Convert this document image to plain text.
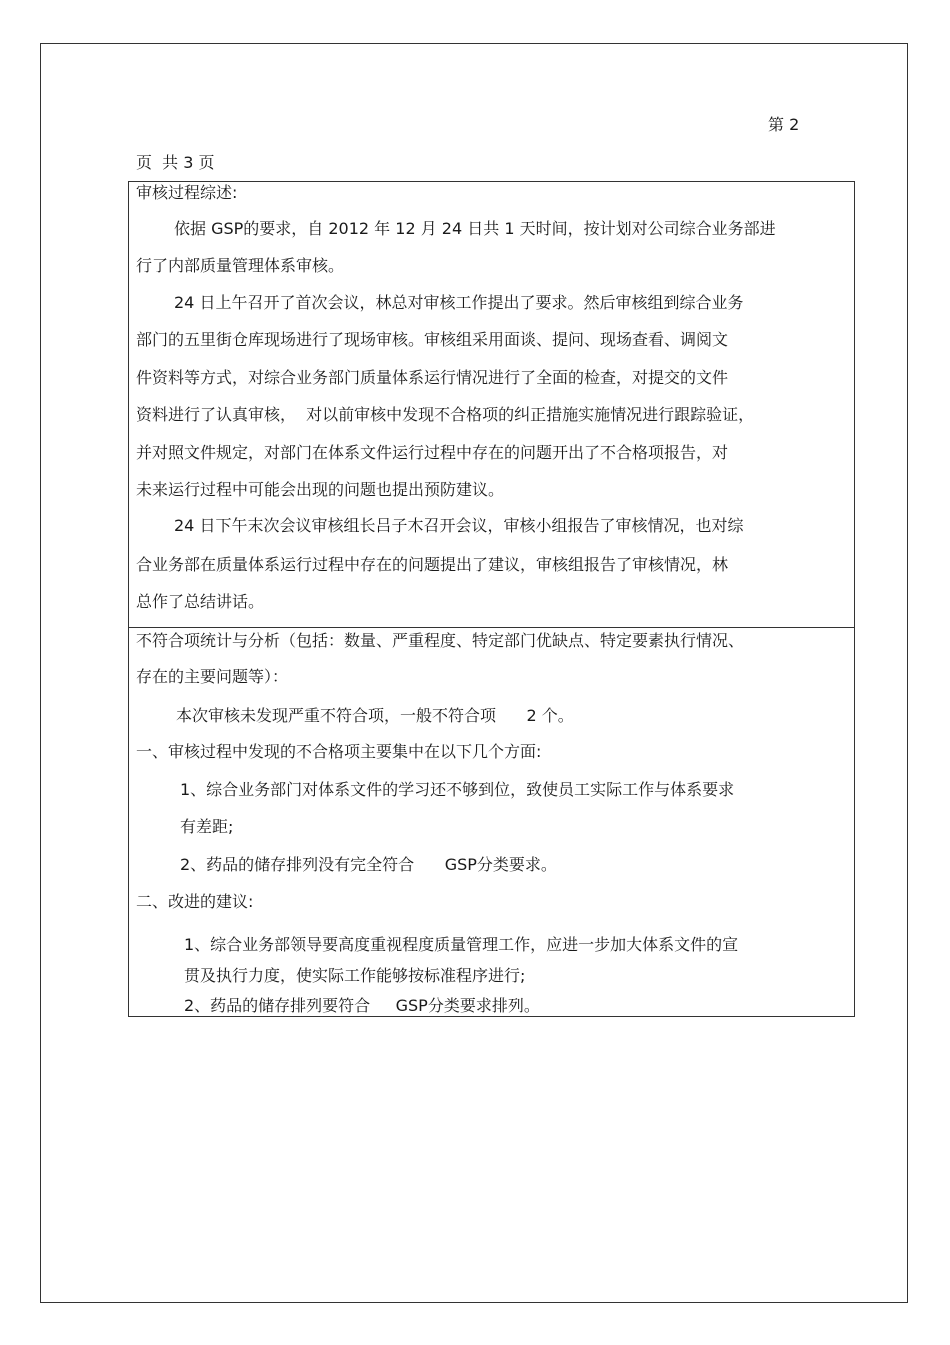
第 2
页  共 3 页
审核过程综述:
依据 GSP的要求，自 2012 年 12 月 24 日共 1 天时间，按计划对公司综合业务部进
行了内部质量管理体系审核。
24 日上午召开了首次会议，林总对审核工作提出了要求。然后审核组到综合业务
部门的五里街仓库现场进行了现场审核。审核组采用面谈、提问、现场查看、调阅文
件资料等方式，对综合业务部门质量体系运行情况进行了全面的检查，对提交的文件
资料进行了认真审核，  对以前审核中发现不合格项的纠正措施实施情况进行跟踪验证，
并对照文件规定，对部门在体系文件运行过程中存在的问题开出了不合格项报告，对
未来运行过程中可能会出现的问题也提出预防建议。
24 日下午末次会议审核组长吕子木召开会议，审核小组报告了审核情况，也对综
合业务部在质量体系运行过程中存在的问题提出了建议，审核组报告了审核情况，林
总作了总结讲话。
不符合项统计与分析（包括：数量、严重程度、特定部门优缺点、特定要素执行情况、
存在的主要问题等）：
本次审核未发现严重不符合项，一般不符合项      2 个。
一、审核过程中发现的不合格项主要集中在以下几个方面:
1、综合业务部门对体系文件的学习还不够到位，致使员工实际工作与体系要求
有差距;
2、药品的储存排列没有完全符合      GSP分类要求。
二、改进的建议:
1、综合业务部领导要高度重视程度质量管理工作，应进一步加大体系文件的宣
贯及执行力度，使实际工作能够按标准程序进行;
2、药品的储存排列要符合     GSP分类要求排列。
